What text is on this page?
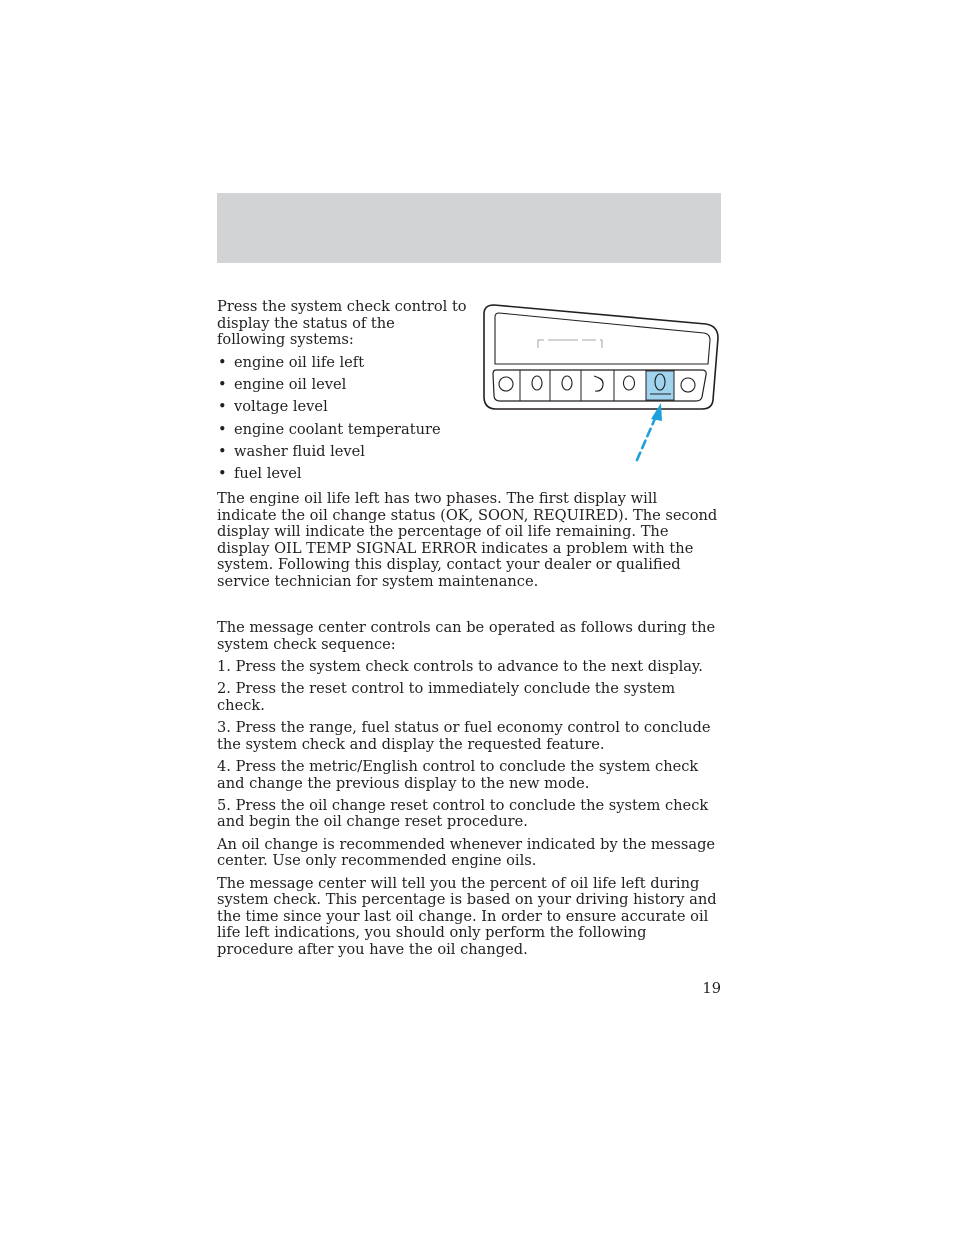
Press the system check control to display the status of the following systems:

• engine oil life left
• engine oil level
• voltage level
• engine coolant temperature
• washer fluid level
• fuel level

The engine oil life left has two phases. The first display will indicate the oil change status (OK, SOON, REQUIRED). The second display will indicate the percentage of oil life remaining. The display OIL TEMP SIGNAL ERROR indicates a problem with the system. Following this display, contact your dealer or qualified service technician for system maintenance.

The message center controls can be operated as follows during the system check sequence:

1. Press the system check controls to advance to the next display.

2. Press the reset control to immediately conclude the system check.

3. Press the range, fuel status or fuel economy control to conclude the system check and display the requested feature.

4. Press the metric/English control to conclude the system check and change the previous display to the new mode.

5. Press the oil change reset control to conclude the system check and begin the oil change reset procedure.

An oil change is recommended whenever indicated by the message center. Use only recommended engine oils.

The message center will tell you the percent of oil life left during system check. This percentage is based on your driving history and the time since your last oil change. In order to ensure accurate oil life left indications, you should only perform the following procedure after you have the oil changed.

19
